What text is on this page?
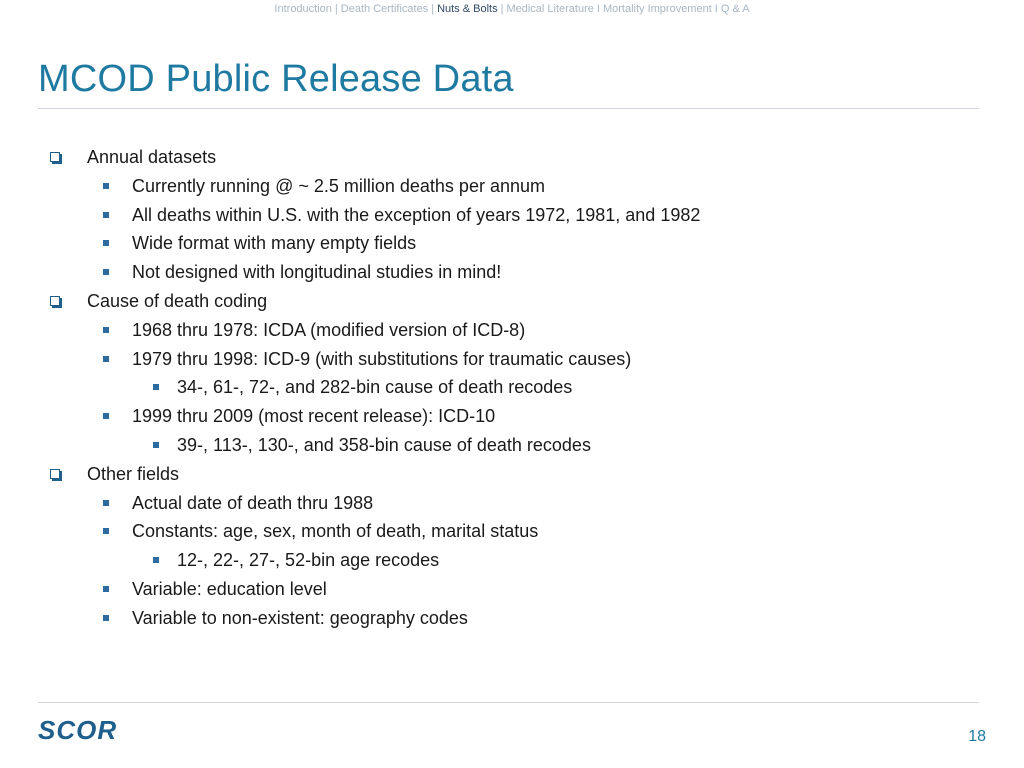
Introduction | Death Certificates | Nuts & Bolts | Medical Literature I Mortality Improvement I Q & A
MCOD Public Release Data
Annual datasets
Currently running @ ~ 2.5 million deaths per annum
All deaths within U.S. with the exception of years 1972, 1981, and 1982
Wide format with many empty fields
Not designed with longitudinal studies in mind!
Cause of death coding
1968 thru 1978: ICDA (modified version of ICD-8)
1979 thru 1998: ICD-9 (with substitutions for traumatic causes)
34-, 61-, 72-, and 282-bin cause of death recodes
1999 thru 2009 (most recent release): ICD-10
39-, 113-, 130-, and 358-bin cause of death recodes
Other fields
Actual date of death thru 1988
Constants: age, sex, month of death, marital status
12-, 22-, 27-, 52-bin age recodes
Variable: education level
Variable to non-existent: geography codes
SCOR	18
